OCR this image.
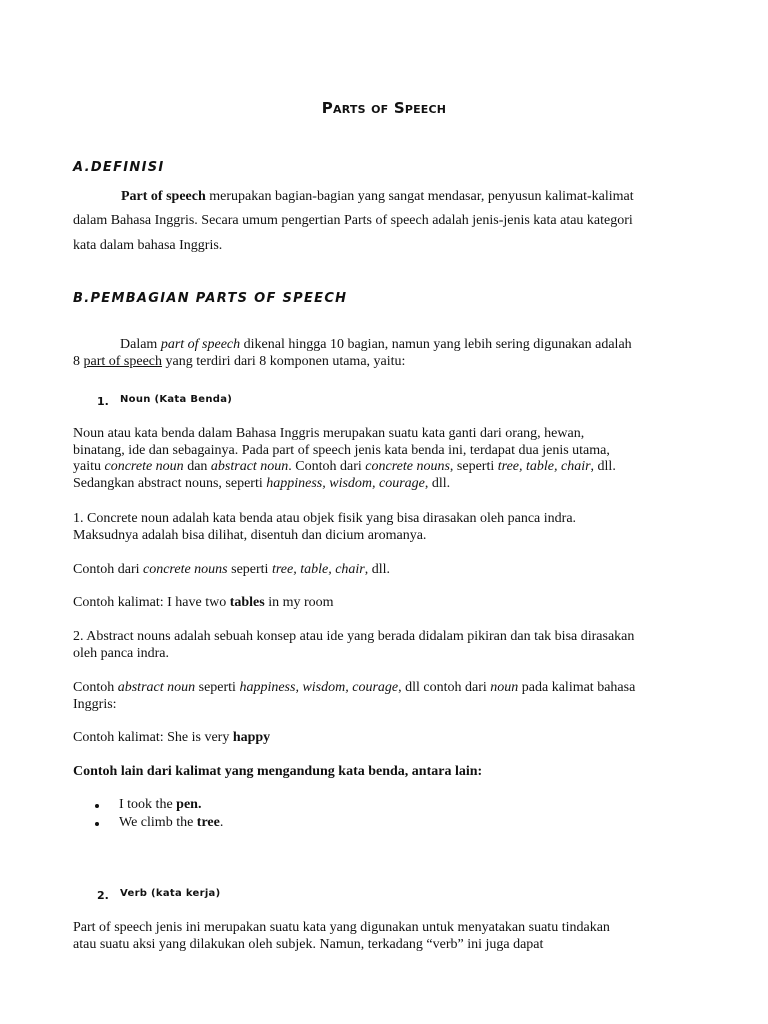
Parts of Speech
A.DEFINISI
Part of speech merupakan bagian-bagian yang sangat mendasar, penyusun kalimat-kalimat
dalam Bahasa Inggris. Secara umum pengertian Parts of speech adalah jenis-jenis kata atau kategori
kata dalam bahasa Inggris.
B.PEMBAGIAN PARTS OF SPEECH
Dalam part of speech dikenal hingga 10 bagian, namun yang lebih sering digunakan adalah
8 part of speech yang terdiri dari 8 komponen utama, yaitu:
1. Noun (Kata Benda)
Noun atau kata benda dalam Bahasa Inggris merupakan suatu kata ganti dari orang, hewan,
binatang, ide dan sebagainya. Pada part of speech jenis kata benda ini, terdapat dua jenis utama,
yaitu concrete noun dan abstract noun. Contoh dari concrete nouns, seperti tree, table, chair, dll.
Sedangkan abstract nouns, seperti happiness, wisdom, courage, dll.
1. Concrete noun adalah kata benda atau objek fisik yang bisa dirasakan oleh panca indra.
Maksudnya adalah bisa dilihat, disentuh dan dicium aromanya.
Contoh dari concrete nouns seperti tree, table, chair, dll.
Contoh kalimat: I have two tables in my room
2. Abstract nouns adalah sebuah konsep atau ide yang berada didalam pikiran dan tak bisa dirasakan
oleh panca indra.
Contoh abstract noun seperti happiness, wisdom, courage, dll contoh dari noun pada kalimat bahasa
Inggris:
Contoh kalimat: She is very happy
Contoh lain dari kalimat yang mengandung kata benda, antara lain:
I took the pen.
We climb the tree.
2. Verb (kata kerja)
Part of speech jenis ini merupakan suatu kata yang digunakan untuk menyatakan suatu tindakan
atau suatu aksi yang dilakukan oleh subjek. Namun, terkadang “verb” ini juga dapat
